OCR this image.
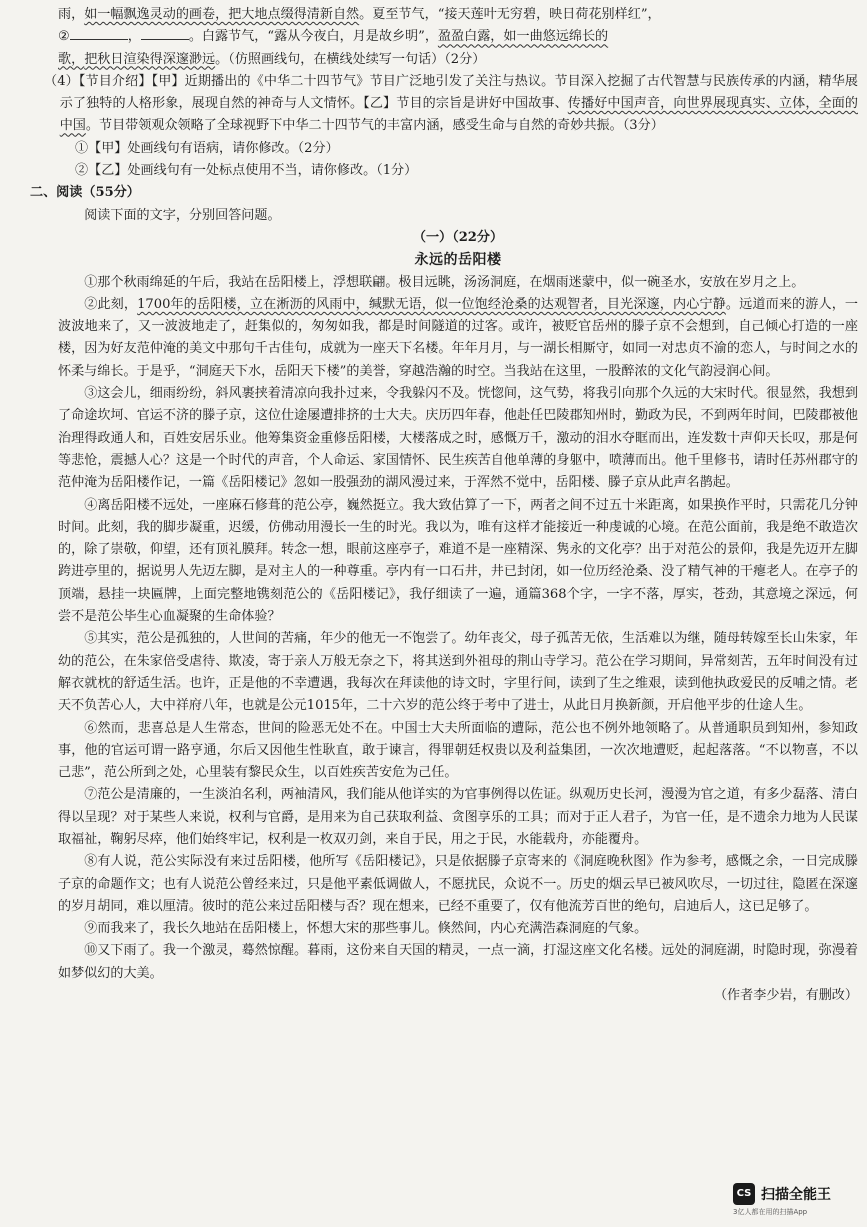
雨，如一幅飘逸灵动的画卷，把大地点缀得清新自然。夏至节气，“接天莲叶无穷碧，映日荷花别样红”，

②	，	。白露节气，“露从今夜白，月是故乡明”，盈盈白露，如一曲悠远绵长的

歌，把秋日渲染得深邃渺远。（仿照画线句，在横线处续写一句话）（2分）

（4）【节目介绍】【甲】近期播出的《中华二十四节气》节目广泛地引发了关注与热议。节目深入挖掘了古代智慧与民族传承的内涵，精华展示了独特的人格形象，展现自然的神奇与人文情怀。【乙】节目的宗旨是讲好中国故事、传播好中国声音，向世界展现真实、立体，全面的中国。节目带领观众领略了全球视野下中华二十四节气的丰富内涵，感受生命与自然的奇妙共振。（3分）

①【甲】处画线句有语病，请你修改。（2分）

②【乙】处画线句有一处标点使用不当，请你修改。（1分）

二、阅读（55分）

阅读下面的文字，分别回答问题。

（一）（22分）

永远的岳阳楼

①那个秋雨绵延的午后，我站在岳阳楼上，浮想联翩。极目远眺，汤汤洞庭，在烟雨迷蒙中，似一碗圣水，安放在岁月之上。

②此刻，1700年的岳阳楼，立在淅沥的风雨中，缄默无语，似一位饱经沧桑的达观智者，目光深邃，内心宁静。远道而来的游人，一波波地来了，又一波波地走了，赶集似的，匆匆如我，都是时间隧道的过客。或许，被贬官岳州的滕子京不会想到，自己倾心打造的一座楼，因为好友范仲淹的美文中那句千古佳句，成就为一座天下名楼。年年月月，与一湖长相厮守，如同一对忠贞不渝的恋人，与时间之水的怀柔与绵长。于是乎，“洞庭天下水，岳阳天下楼”的美誉，穿越浩瀚的时空。当我站在这里，一股醉浓的文化气韵浸润心间。

③这会儿，细雨纷纷，斜风裹挟着清凉向我扑过来，令我躲闪不及。恍惚间，这气势，将我引向那个久远的大宋时代。很显然，我想到了命途坎坷、官运不济的滕子京，这位仕途屡遭排挤的士大夫。庆历四年春，他赴任巴陵郡知州时，勤政为民，不到两年时间，巴陵郡被他治理得政通人和，百姓安居乐业。他筹集资金重修岳阳楼，大楼落成之时，感慨万千，激动的泪水夺眶而出，连发数十声仰天长叹，那是何等悲怆，震撼人心？这是一个时代的声音，个人命运、家国情怀、民生疾苦自他单薄的身躯中，喷薄而出。他千里修书，请时任苏州郡守的范仲淹为岳阳楼作记，一篇《岳阳楼记》忽如一股强劲的湖风漫过来，于浑然不觉中，岳阳楼、滕子京从此声名鹊起。

④离岳阳楼不远处，一座麻石修葺的范公亭，巍然挺立。我大致估算了一下，两者之间不过五十米距离，如果换作平时，只需花几分钟时间。此刻，我的脚步凝重，迟缓，仿佛动用漫长一生的时光。我以为，唯有这样才能接近一种虔诚的心境。在范公面前，我是绝不敢造次的，除了崇敬，仰望，还有顶礼膜拜。转念一想，眼前这座亭子，难道不是一座精深、隽永的文化亭？出于对范公的景仰，我是先迈开左脚跨进亭里的，据说男人先迈左脚，是对主人的一种尊重。亭内有一口石井，井已封闭，如一位历经沧桑、没了精气神的干瘪老人。在亭子的顶端，悬挂一块匾牌，上面完整地镌刻范公的《岳阳楼记》，我仔细读了一遍，通篇368个字，一字不落，厚实，苍劲，其意境之深远，何尝不是范公毕生心血凝聚的生命体验？

⑤其实，范公是孤独的，人世间的苦痛，年少的他无一不饱尝了。幼年丧父，母子孤苦无依，生活难以为继，随母转嫁至长山朱家，年幼的范公，在朱家倍受虐待、欺凌，寄于亲人万般无奈之下，将其送到外祖母的荆山寺学习。范公在学习期间，异常刻苦，五年时间没有过解衣就枕的舒适生活。也许，正是他的不幸遭遇，我每次在拜读他的诗文时，字里行间，读到了生之维艰，读到他执政爱民的反哺之情。老天不负苦心人，大中祥府八年，也就是公元1015年，二十六岁的范公终于考中了进士，从此日月换新颜，开启他平步的仕途人生。

⑥然而，悲喜总是人生常态，世间的险恶无处不在。中国士大夫所面临的遭际，范公也不例外地领略了。从普通职员到知州，参知政事，他的官运可谓一路亨通，尔后又因他生性耿直，敢于谏言，得罪朝廷权贵以及利益集团，一次次地遭贬，起起落落。“不以物喜，不以己悲”，范公所到之处，心里装有黎民众生，以百姓疾苦安危为己任。

⑦范公是清廉的，一生淡泊名利，两袖清风，我们能从他详实的为官事例得以佐证。纵观历史长河，漫漫为官之道，有多少磊落、清白得以呈现？对于某些人来说，权利与官爵，是用来为自己获取利益、贪图享乐的工具；而对于正人君子，为官一任，是不遗余力地为人民谋取福祉，鞠躬尽瘁，他们始终牢记，权利是一枚双刃剑，来自于民，用之于民，水能载舟，亦能覆舟。

⑧有人说，范公实际没有来过岳阳楼，他所写《岳阳楼记》，只是依据滕子京寄来的《洞庭晚秋图》作为参考，感慨之余，一日完成滕子京的命题作文；也有人说范公曾经来过，只是他平素低调做人，不愿扰民，众说不一。历史的烟云早已被风吹尽，一切过往，隐匿在深邃的岁月胡同，难以厘清。彼时的范公来过岳阳楼与否？现在想来，已经不重要了，仅有他流芳百世的绝句，启迪后人，这已足够了。

⑨而我来了，我长久地站在岳阳楼上，怀想大宋的那些事儿。倏然间，内心充满浩森洞庭的气象。

⑩又下雨了。我一个激灵，蓦然惊醒。暮雨，这份来自天国的精灵，一点一滴，打湿这座文化名楼。远处的洞庭湖，时隐时现，弥漫着如梦似幻的大美。

（作者李少岩，有删改）

CS 扫描全能王
3亿人都在用的扫描App
